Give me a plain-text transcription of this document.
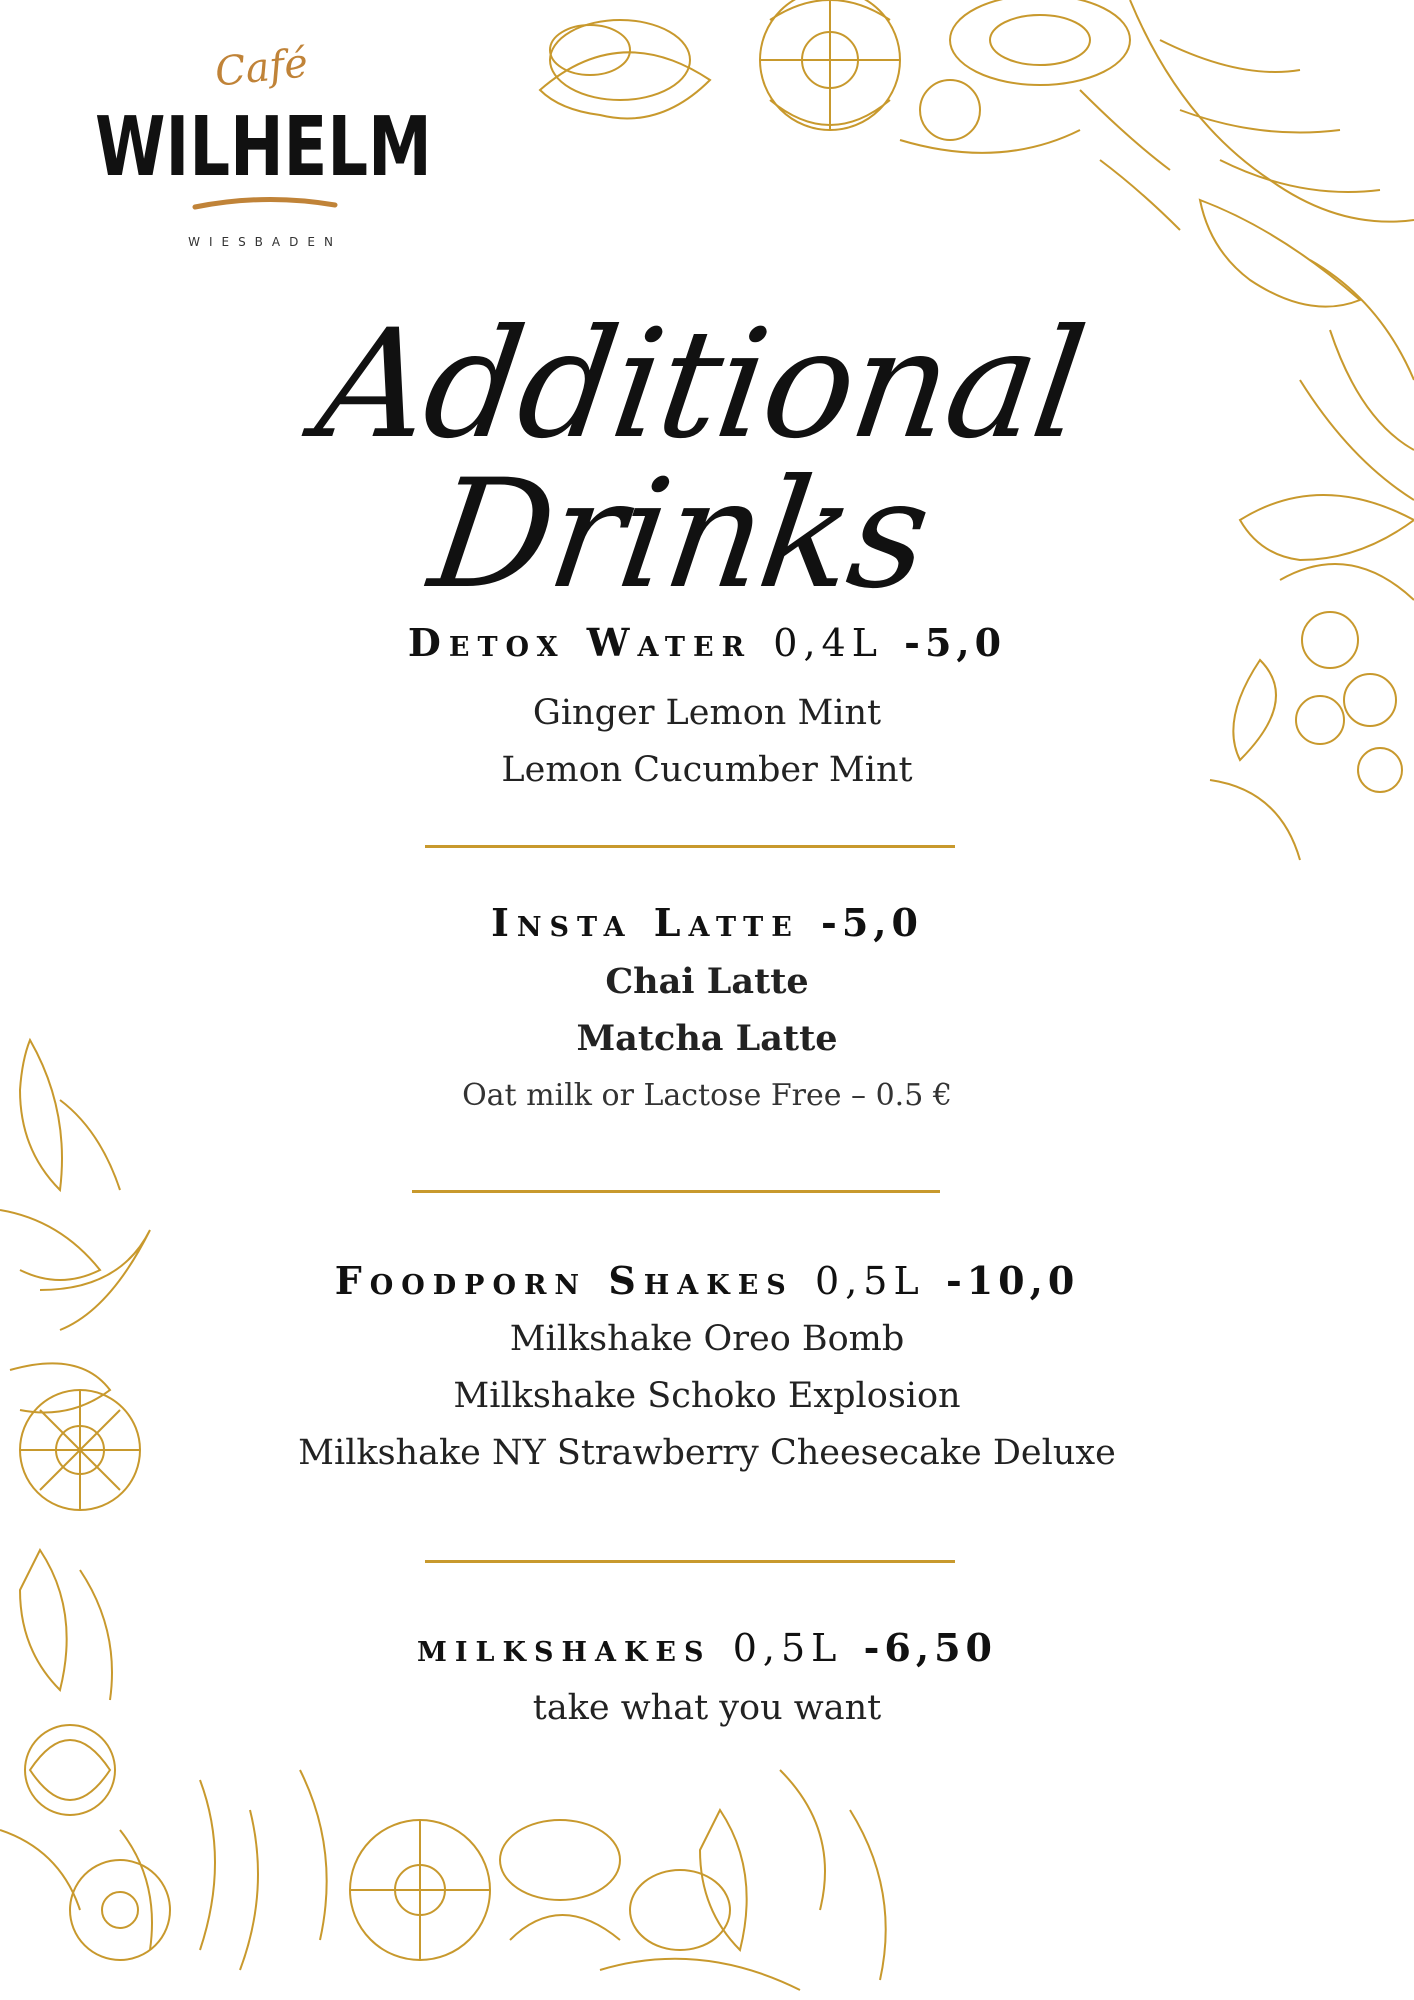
Café
WILHELM
WIESBADEN
Additional Drinks
Detox Water 0,4L -5,0
Ginger Lemon Mint
Lemon Cucumber Mint
Insta Latte -5,0
Chai Latte
Matcha Latte
Oat milk or Lactose Free – 0.5 €
Foodporn Shakes 0,5L -10,0
Milkshake Oreo Bomb
Milkshake Schoko Explosion
Milkshake NY Strawberry Cheesecake Deluxe
milkshakes 0,5L -6,50
take what you want
